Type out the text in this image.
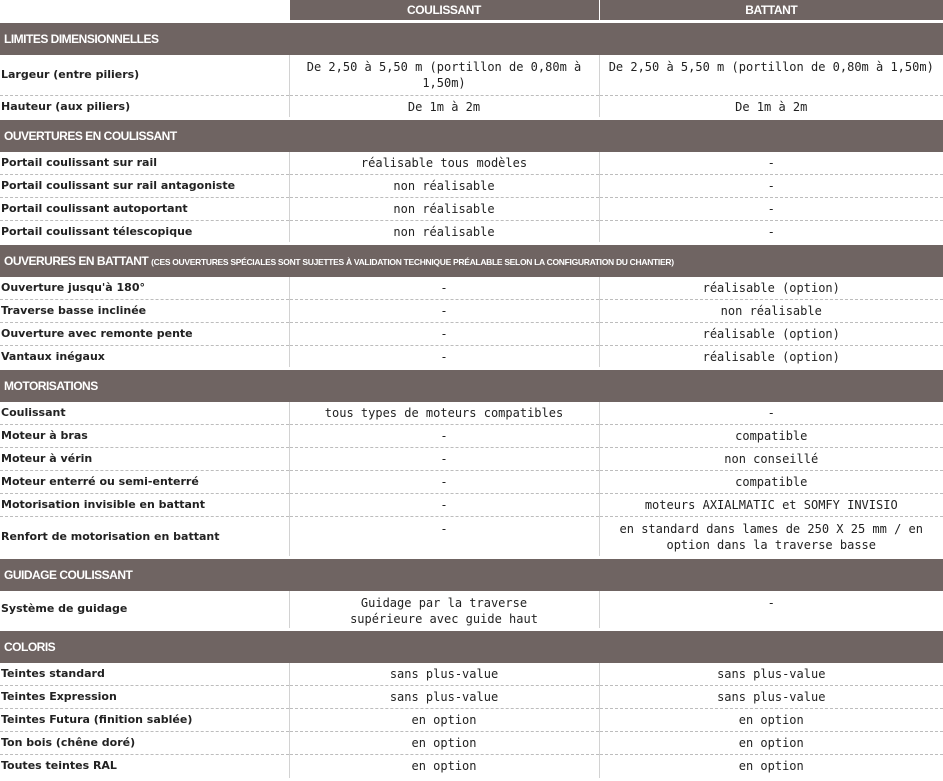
	COULISSANT	BATTANT
LIMITES DIMENSIONNELLES		
Largeur (entre piliers)	De 2,50 à 5,50 m (portillon de 0,80m à 1,50m)	De 2,50 à 5,50 m (portillon de 0,80m à 1,50m)
Hauteur (aux piliers)	De 1m à 2m	De 1m à 2m
OUVERTURES EN COULISSANT		
Portail coulissant sur rail	réalisable tous modèles	-
Portail coulissant sur rail antagoniste	non réalisable	-
Portail coulissant autoportant	non réalisable	-
Portail coulissant télescopique	non réalisable	-
OUVERURES EN BATTANT (CES OUVERTURES SPÉCIALES SONT SUJETTES À VALIDATION TECHNIQUE PRÉALABLE SELON LA CONFIGURATION DU CHANTIER)		
Ouverture jusqu'à 180°	-	réalisable (option)
Traverse basse inclinée	-	non réalisable
Ouverture avec remonte pente	-	réalisable (option)
Vantaux inégaux	-	réalisable (option)
MOTORISATIONS		
Coulissant	tous types de moteurs compatibles	-
Moteur à bras	-	compatible
Moteur à vérin	-	non conseillé
Moteur enterré ou semi-enterré	-	compatible
Motorisation invisible en battant	-	moteurs AXIALMATIC et SOMFY INVISIO
Renfort de motorisation en battant	-	en standard dans lames de 250 X 25 mm / en option dans la traverse basse
GUIDAGE COULISSANT		
Système de guidage	Guidage par la traverse supérieure avec guide haut	-
COLORIS		
Teintes standard	sans plus-value	sans plus-value
Teintes Expression	sans plus-value	sans plus-value
Teintes Futura (finition sablée)	en option	en option
Ton bois (chêne doré)	en option	en option
Toutes teintes RAL	en option	en option
